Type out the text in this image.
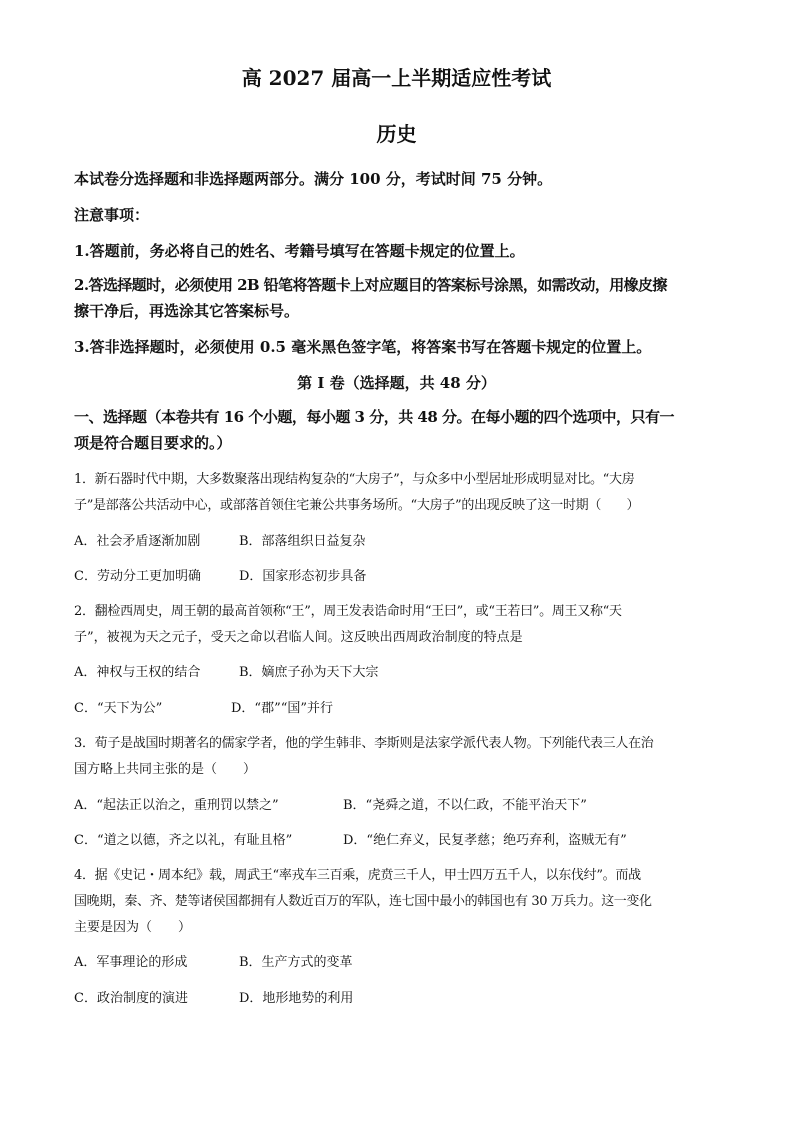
高 2027 届高一上半期适应性考试
历史
本试卷分选择题和非选择题两部分。满分 100 分，考试时间 75 分钟。
注意事项：
1.答题前，务必将自己的姓名、考籍号填写在答题卡规定的位置上。
2.答选择题时，必须使用 2B 铅笔将答题卡上对应题目的答案标号涂黑，如需改动，用橡皮擦
擦干净后，再选涂其它答案标号。
3.答非选择题时，必须使用 0.5 毫米黑色签字笔，将答案书写在答题卡规定的位置上。
第 I 卷（选择题，共 48 分）
一、选择题（本卷共有 16 个小题，每小题 3 分，共 48 分。在每小题的四个选项中，只有一
项是符合题目要求的。）
1．新石器时代中期，大多数聚落出现结构复杂的“大房子”，与众多中小型居址形成明显对比。“大房
子”是部落公共活动中心，或部落首领住宅兼公共事务场所。“大房子”的出现反映了这一时期（　　）
A．社会矛盾逐渐加剧	B．部落组织日益复杂
C．劳动分工更加明确	D．国家形态初步具备
2．翻检西周史，周王朝的最高首领称“王”，周王发表诰命时用“王曰”，或“王若曰”。周王又称“天
子”，被视为天之元子，受天之命以君临人间。这反映出西周政治制度的特点是
A．神权与王权的结合	B．嫡庶子孙为天下大宗
C．“天下为公”	D．“郡”“国”并行
3．荀子是战国时期著名的儒家学者，他的学生韩非、李斯则是法家学派代表人物。下列能代表三人在治
国方略上共同主张的是（　　）
A．“起法正以治之，重刑罚以禁之”	B．“尧舜之道，不以仁政，不能平治天下”
C．“道之以德，齐之以礼，有耻且格”	D．“绝仁弃义，民复孝慈；绝巧弃利，盗贼无有”
4．据《史记・周本纪》载，周武王“率戎车三百乘，虎贲三千人，甲士四万五千人，以东伐纣”。而战
国晚期，秦、齐、楚等诸侯国都拥有人数近百万的军队，连七国中最小的韩国也有 30 万兵力。这一变化
主要是因为（　　）
A．军事理论的形成	B．生产方式的变革
C．政治制度的演进	D．地形地势的利用
